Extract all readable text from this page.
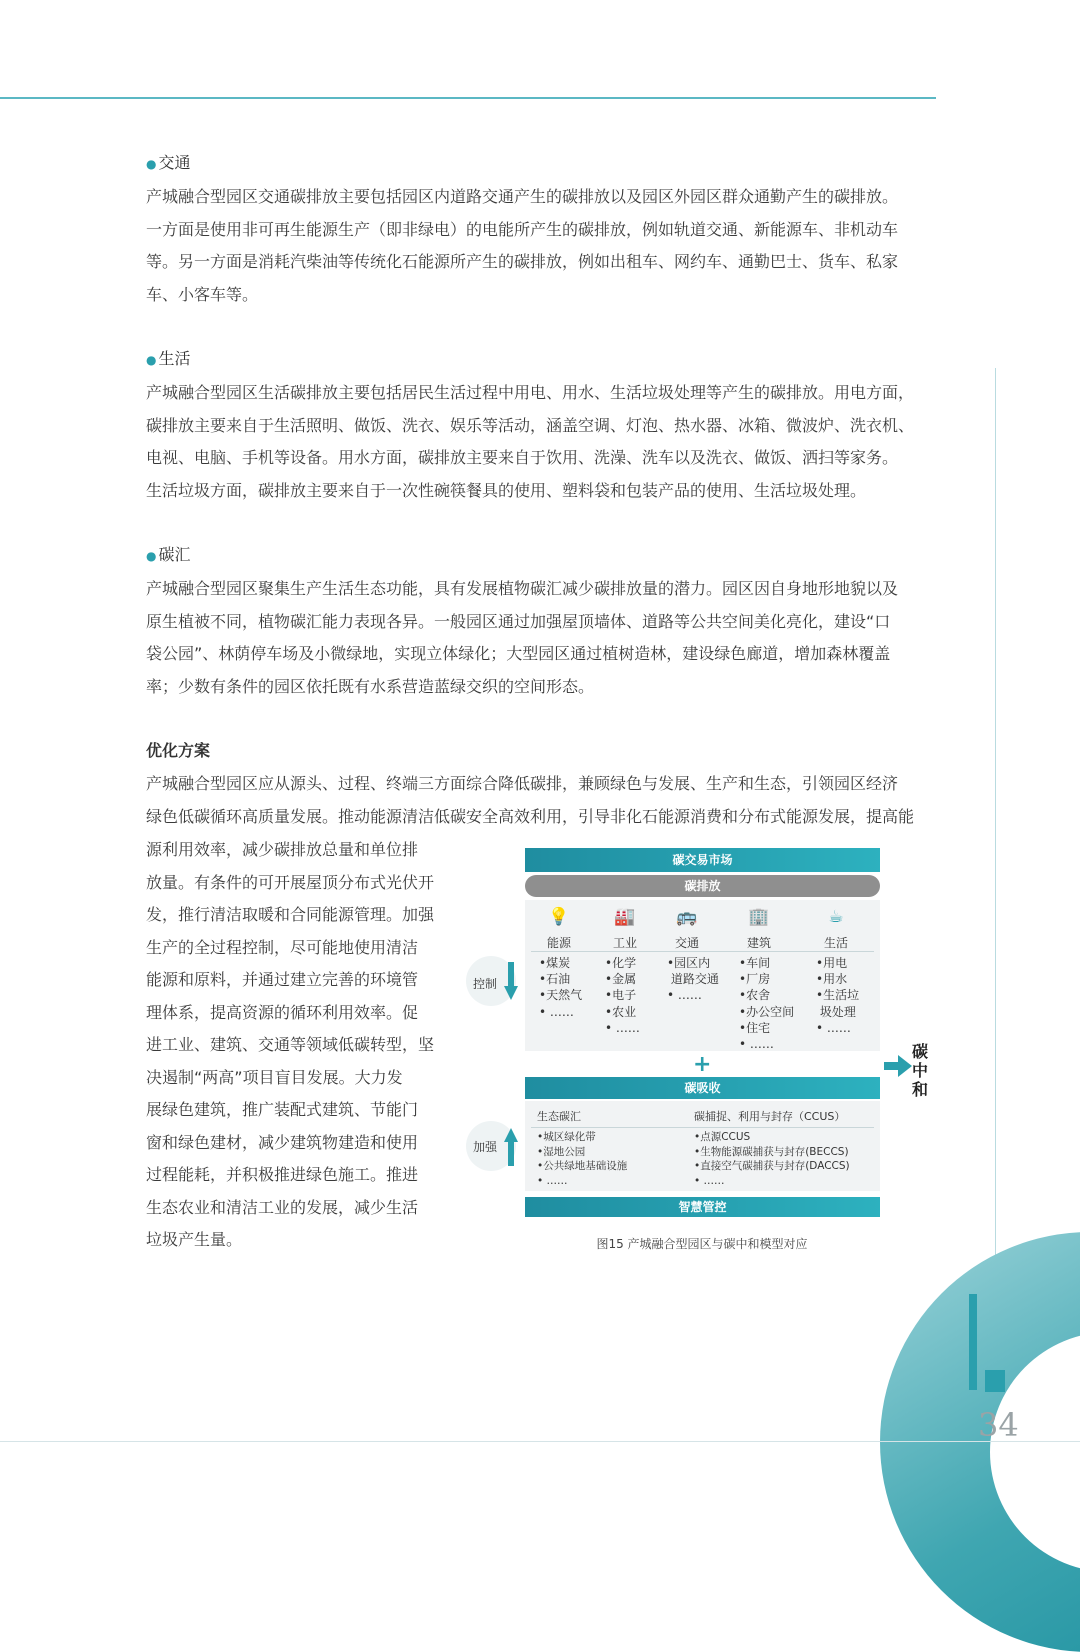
● 交通
产城融合型园区交通碳排放主要包括园区内道路交通产生的碳排放以及园区外园区群众通勤产生的碳排放。
一方面是使用非可再生能源生产（即非绿电）的电能所产生的碳排放，例如轨道交通、新能源车、非机动车
等。另一方面是消耗汽柴油等传统化石能源所产生的碳排放，例如出租车、网约车、通勤巴士、货车、私家
车、小客车等。
● 生活
产城融合型园区生活碳排放主要包括居民生活过程中用电、用水、生活垃圾处理等产生的碳排放。用电方面，
碳排放主要来自于生活照明、做饭、洗衣、娱乐等活动，涵盖空调、灯泡、热水器、冰箱、微波炉、洗衣机、
电视、电脑、手机等设备。用水方面，碳排放主要来自于饮用、洗澡、洗车以及洗衣、做饭、洒扫等家务。
生活垃圾方面，碳排放主要来自于一次性碗筷餐具的使用、塑料袋和包装产品的使用、生活垃圾处理。
● 碳汇
产城融合型园区聚集生产生活生态功能，具有发展植物碳汇减少碳排放量的潜力。园区因自身地形地貌以及
原生植被不同，植物碳汇能力表现各异。一般园区通过加强屋顶墙体、道路等公共空间美化亮化，建设“口
袋公园”、林荫停车场及小微绿地，实现立体绿化；大型园区通过植树造林，建设绿色廊道，增加森林覆盖
率；少数有条件的园区依托既有水系营造蓝绿交织的空间形态。
优化方案
产城融合型园区应从源头、过程、终端三方面综合降低碳排，兼顾绿色与发展、生产和生态，引领园区经济
绿色低碳循环高质量发展。推动能源清洁低碳安全高效利用，引导非化石能源消费和分布式能源发展，提高能
源利用效率，减少碳排放总量和单位排
放量。有条件的可开展屋顶分布式光伏开
发，推行清洁取暖和合同能源管理。加强
生产的全过程控制，尽可能地使用清洁
能源和原料，并通过建立完善的环境管
理体系，提高资源的循环利用效率。促
进工业、建筑、交通等领域低碳转型，坚
决遏制“两高”项目盲目发展。大力发
展绿色建筑，推广装配式建筑、节能门
窗和绿色建材，减少建筑物建造和使用
过程能耗，并积极推进绿色施工。推进
生态农业和清洁工业的发展，减少生活
垃圾产生量。
碳交易市场
碳排放
💡
能源
🏭
工业
🚌
交通
🏢
建筑
☕
生活
•煤炭
•石油
•天然气
• ……
•化学
•金属
•电子
•农业
• ……
•园区内
道路交通
• ……
•车间
•厂房
•农舍
•办公空间
•住宅
• ……
•用电
•用水
•生活垃
圾处理
• ……
控制
+
碳吸收
生态碳汇	碳捕捉、利用与封存（CCUS）
•城区绿化带
•湿地公园
•公共绿地基础设施
• ……
•点源CCUS
•生物能源碳捕获与封存(BECCS)
•直接空气碳捕获与封存(DACCS)
• ……
加强
智慧管控
碳中和
图15 产城融合型园区与碳中和模型对应
34
